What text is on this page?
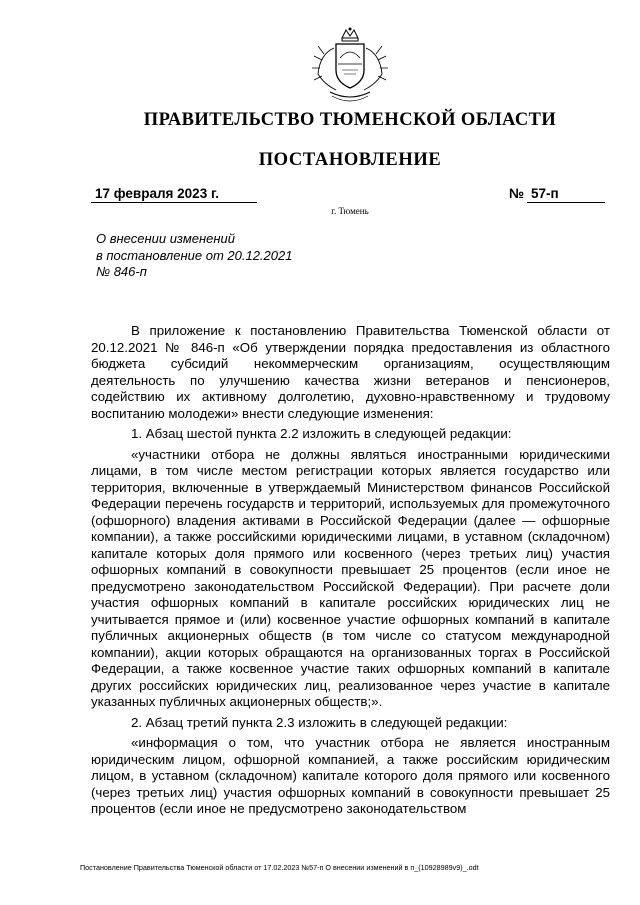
ПРАВИТЕЛЬСТВО ТЮМЕНСКОЙ ОБЛАСТИ
ПОСТАНОВЛЕНИЕ
17 февраля 2023 г.	№ 57-п
г. Тюмень
О внесении изменений
в постановление от 20.12.2021
№ 846-п

В приложение к постановлению Правительства Тюменской области от 20.12.2021 № 846-п «Об утверждении порядка предоставления из областного бюджета субсидий некоммерческим организациям, осуществляющим деятельность по улучшению качества жизни ветеранов и пенсионеров, содействию их активному долголетию, духовно-нравственному и трудовому воспитанию молодежи» внести следующие изменения:

1. Абзац шестой пункта 2.2 изложить в следующей редакции:

«участники отбора не должны являться иностранными юридическими лицами, в том числе местом регистрации которых является государство или территория, включенные в утверждаемый Министерством финансов Российской Федерации перечень государств и территорий, используемых для промежуточного (офшорного) владения активами в Российской Федерации (далее — офшорные компании), а также российскими юридическими лицами, в уставном (складочном) капитале которых доля прямого или косвенного (через третьих лиц) участия офшорных компаний в совокупности превышает 25 процентов (если иное не предусмотрено законодательством Российской Федерации). При расчете доли участия офшорных компаний в капитале российских юридических лиц не учитывается прямое и (или) косвенное участие офшорных компаний в капитале публичных акционерных обществ (в том числе со статусом международной компании), акции которых обращаются на организованных торгах в Российской Федерации, а также косвенное участие таких офшорных компаний в капитале других российских юридических лиц, реализованное через участие в капитале указанных публичных акционерных обществ;».

2. Абзац третий пункта 2.3 изложить в следующей редакции:

«информация о том, что участник отбора не является иностранным юридическим лицом, офшорной компанией, а также российским юридическим лицом, в уставном (складочном) капитале которого доля прямого или косвенного (через третьих лиц) участия офшорных компаний в совокупности превышает 25 процентов (если иное не предусмотрено законодательством

Постановление Правительства Тюменской области от 17.02.2023 №57-п О внесении изменений в п_(10928989v9)_.odt
